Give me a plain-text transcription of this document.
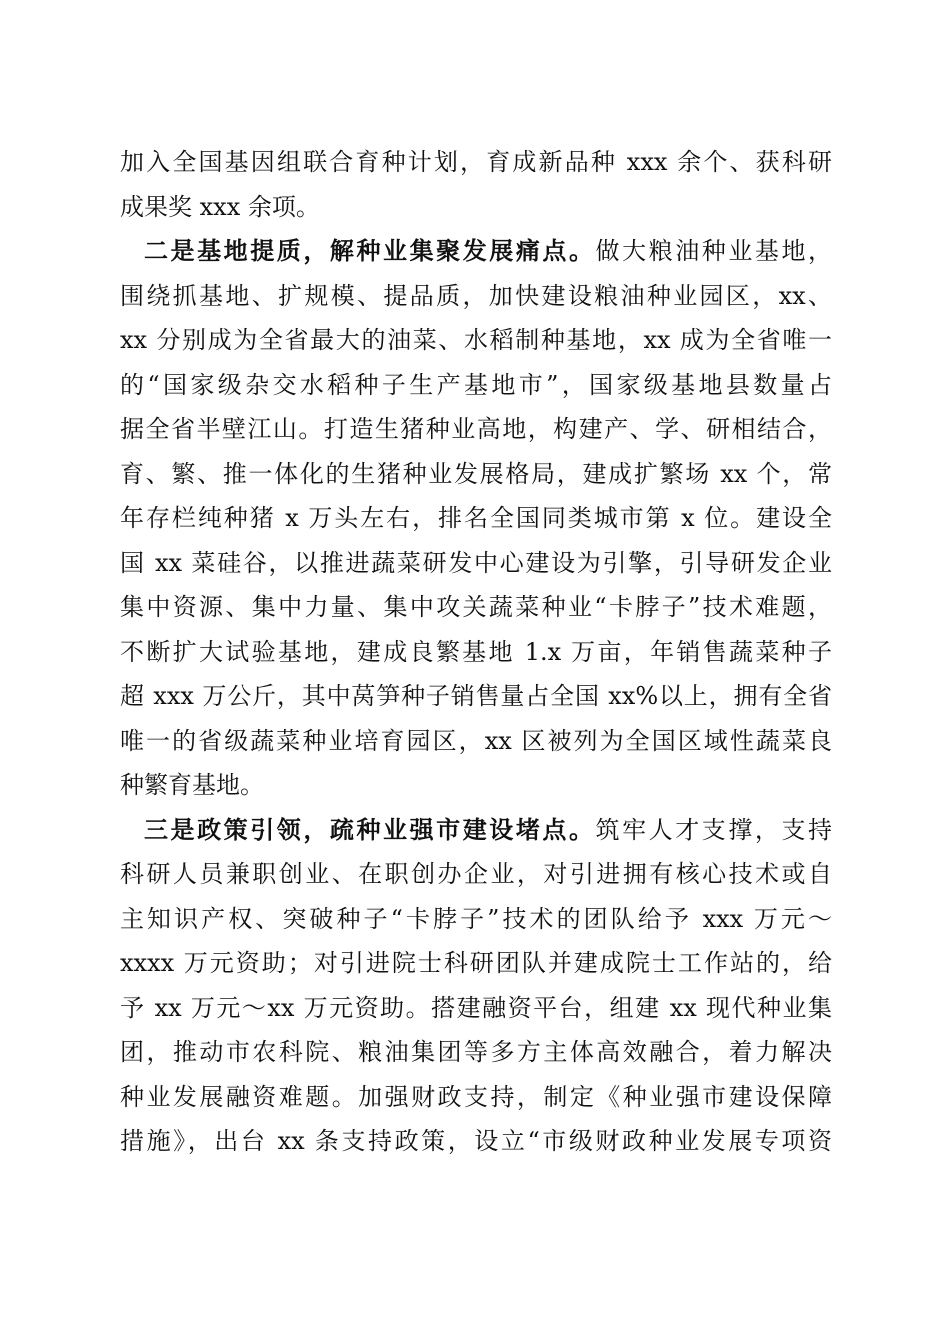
加入全国基因组联合育种计划，育成新品种 xxx 余个、获科研
成果奖 xxx 余项。
二是基地提质，解种业集聚发展痛点。做大粮油种业基地，
围绕抓基地、扩规模、提品质，加快建设粮油种业园区，xx、
xx 分别成为全省最大的油菜、水稻制种基地，xx 成为全省唯一
的“国家级杂交水稻种子生产基地市”，国家级基地县数量占
据全省半壁江山。打造生猪种业高地，构建产、学、研相结合，
育、繁、推一体化的生猪种业发展格局，建成扩繁场 xx 个，常
年存栏纯种猪 x 万头左右，排名全国同类城市第 x 位。建设全
国 xx 菜硅谷，以推进蔬菜研发中心建设为引擎，引导研发企业
集中资源、集中力量、集中攻关蔬菜种业“卡脖子”技术难题，
不断扩大试验基地，建成良繁基地 1.x 万亩，年销售蔬菜种子
超 xxx 万公斤，其中莴笋种子销售量占全国 xx%以上，拥有全省
唯一的省级蔬菜种业培育园区，xx 区被列为全国区域性蔬菜良
种繁育基地。
三是政策引领，疏种业强市建设堵点。筑牢人才支撑，支持
科研人员兼职创业、在职创办企业，对引进拥有核心技术或自
主知识产权、突破种子“卡脖子”技术的团队给予 xxx 万元～
xxxx 万元资助；对引进院士科研团队并建成院士工作站的，给
予 xx 万元～xx 万元资助。搭建融资平台，组建 xx 现代种业集
团，推动市农科院、粮油集团等多方主体高效融合，着力解决
种业发展融资难题。加强财政支持，制定《种业强市建设保障
措施》，出台 xx 条支持政策，设立“市级财政种业发展专项资
